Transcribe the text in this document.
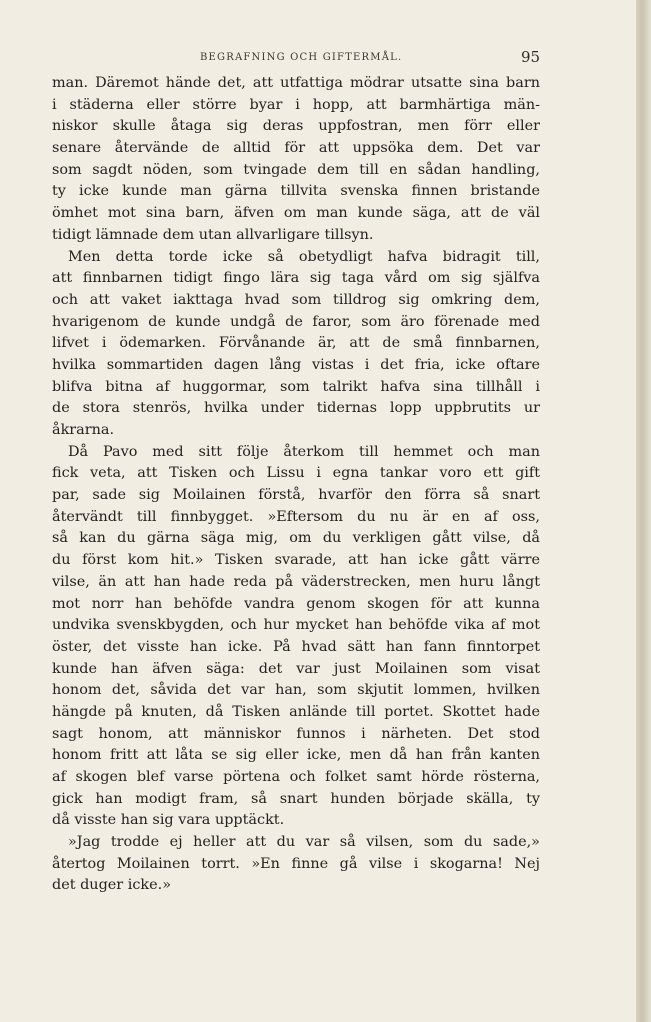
BEGRAFNING OCH GIFTERMÅL.	95
man. Däremot hände det, att utfattiga mödrar utsatte sina barn
i städerna eller större byar i hopp, att barmhärtiga män-
niskor skulle åtaga sig deras uppfostran, men förr eller
senare återvände de alltid för att uppsöka dem. Det var
som sagdt nöden, som tvingade dem till en sådan handling,
ty icke kunde man gärna tillvita svenska finnen bristande
ömhet mot sina barn, äfven om man kunde säga, att de väl
tidigt lämnade dem utan allvarligare tillsyn.
Men detta torde icke så obetydligt hafva bidragit till,
att finnbarnen tidigt fingo lära sig taga vård om sig själfva
och att vaket iakttaga hvad som tilldrog sig omkring dem,
hvarigenom de kunde undgå de faror, som äro förenade med
lifvet i ödemarken. Förvånande är, att de små finnbarnen,
hvilka sommartiden dagen lång vistas i det fria, icke oftare
blifva bitna af huggormar, som talrikt hafva sina tillhåll i
de stora stenrös, hvilka under tidernas lopp uppbrutits ur
åkrarna.
Då Pavo med sitt följe återkom till hemmet och man
fick veta, att Tisken och Lissu i egna tankar voro ett gift
par, sade sig Moilainen förstå, hvarför den förra så snart
återvändt till finnbygget. »Eftersom du nu är en af oss,
så kan du gärna säga mig, om du verkligen gått vilse, då
du först kom hit.» Tisken svarade, att han icke gått värre
vilse, än att han hade reda på väderstrecken, men huru långt
mot norr han behöfde vandra genom skogen för att kunna
undvika svenskbygden, och hur mycket han behöfde vika af mot
öster, det visste han icke. På hvad sätt han fann finntorpet
kunde han äfven säga: det var just Moilainen som visat
honom det, såvida det var han, som skjutit lommen, hvilken
hängde på knuten, då Tisken anlände till portet. Skottet hade
sagt honom, att människor funnos i närheten. Det stod
honom fritt att låta se sig eller icke, men då han från kanten
af skogen blef varse pörtena och folket samt hörde rösterna,
gick han modigt fram, så snart hunden började skälla, ty
då visste han sig vara upptäckt.
»Jag trodde ej heller att du var så vilsen, som du sade,»
återtog Moilainen torrt. »En finne gå vilse i skogarna! Nej
det duger icke.»
